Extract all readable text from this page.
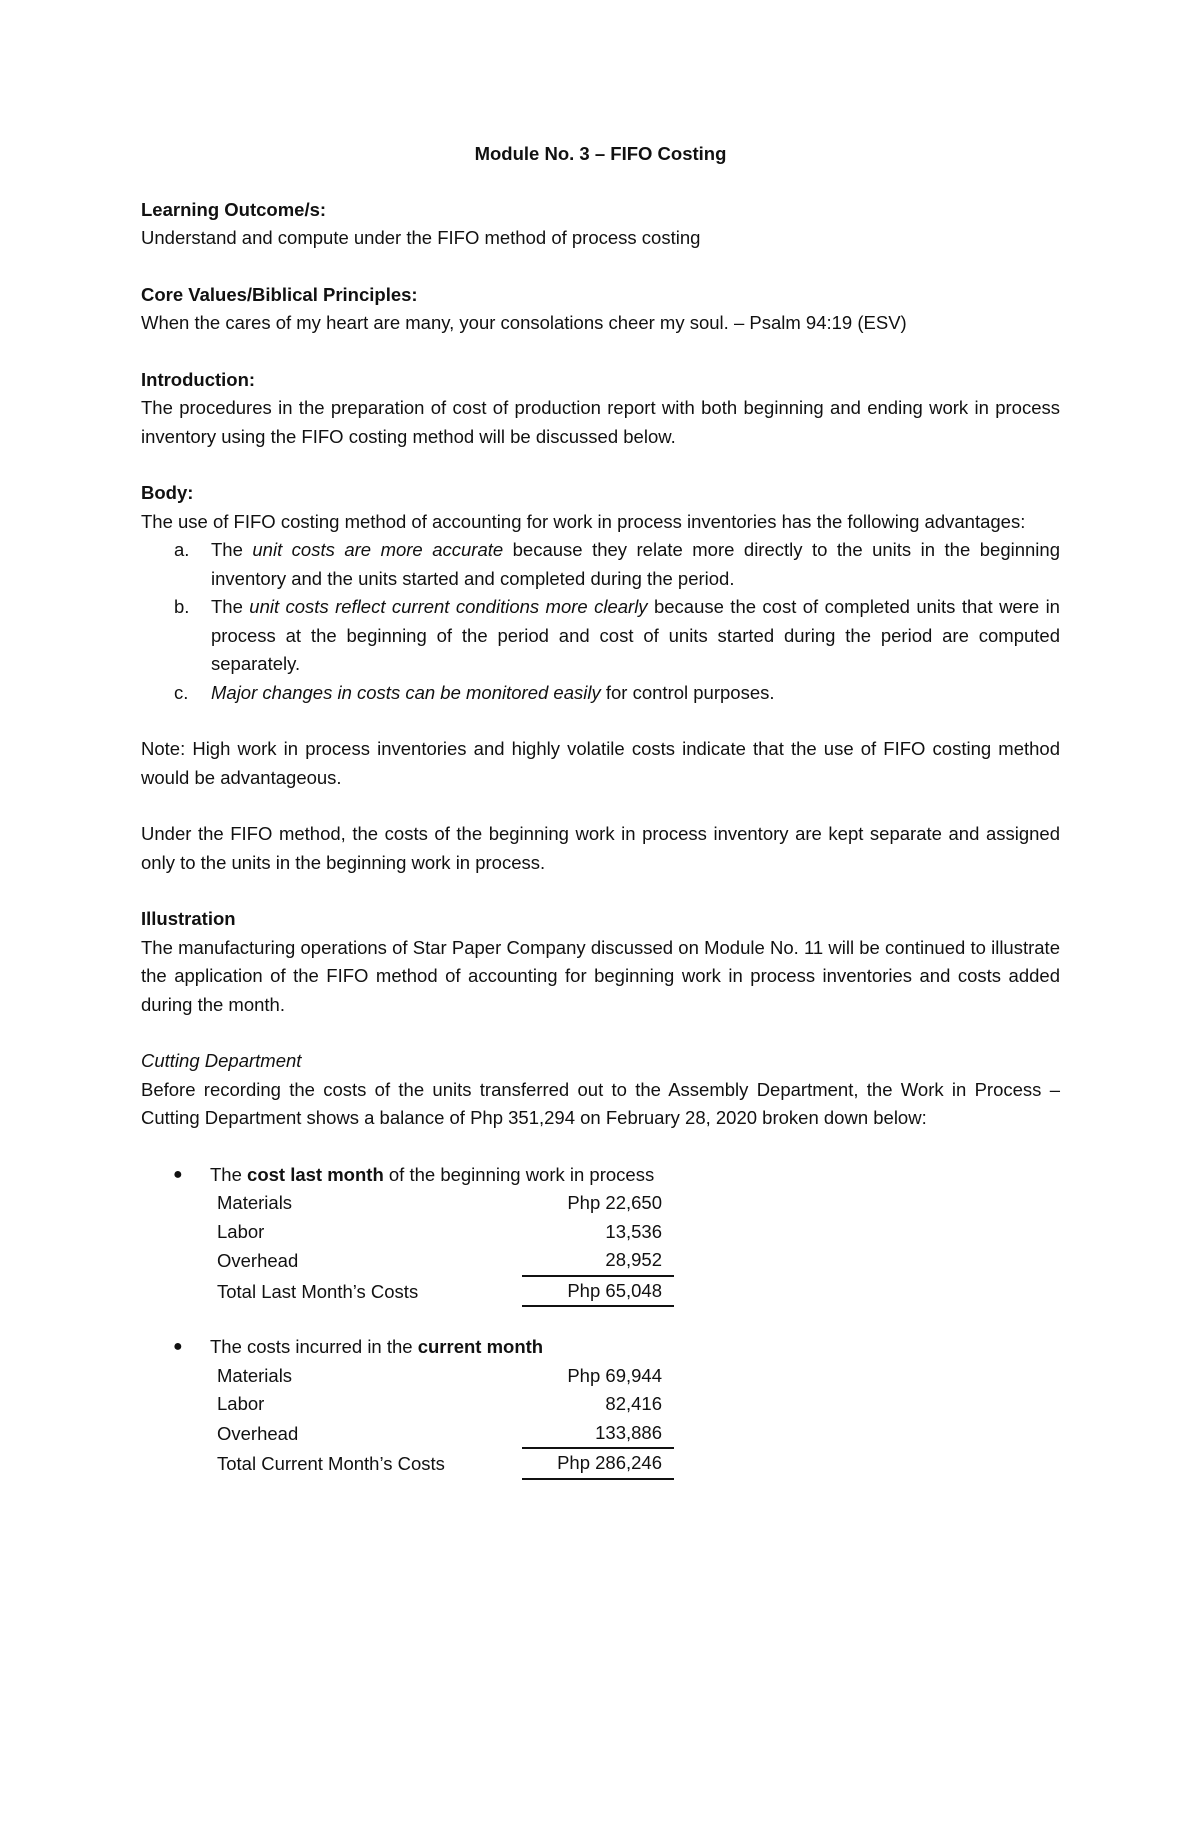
Module No. 3 – FIFO Costing

Learning Outcome/s:

Understand and compute under the FIFO method of process costing

Core Values/Biblical Principles:

When the cares of my heart are many, your consolations cheer my soul. – Psalm 94:19 (ESV)

Introduction:

The procedures in the preparation of cost of production report with both beginning and ending work in process inventory using the FIFO costing method will be discussed below.

Body:

The use of FIFO costing method of accounting for work in process inventories has the following advantages:

a. The unit costs are more accurate because they relate more directly to the units in the beginning inventory and the units started and completed during the period.
b. The unit costs reflect current conditions more clearly because the cost of completed units that were in process at the beginning of the period and cost of units started during the period are computed separately.
c. Major changes in costs can be monitored easily for control purposes.

Note: High work in process inventories and highly volatile costs indicate that the use of FIFO costing method would be advantageous.

Under the FIFO method, the costs of the beginning work in process inventory are kept separate and assigned only to the units in the beginning work in process.

Illustration

The manufacturing operations of Star Paper Company discussed on Module No. 11 will be continued to illustrate the application of the FIFO method of accounting for beginning work in process inventories and costs added during the month.

Cutting Department

Before recording the costs of the units transferred out to the Assembly Department, the Work in Process – Cutting Department shows a balance of Php 351,294 on February 28, 2020 broken down below:

● The cost last month of the beginning work in process

Materials	Php 22,650
Labor	13,536
Overhead	28,952
Total Last Month’s Costs	Php 65,048

● The costs incurred in the current month

Materials	Php 69,944
Labor	82,416
Overhead	133,886
Total Current Month’s Costs	Php 286,246
